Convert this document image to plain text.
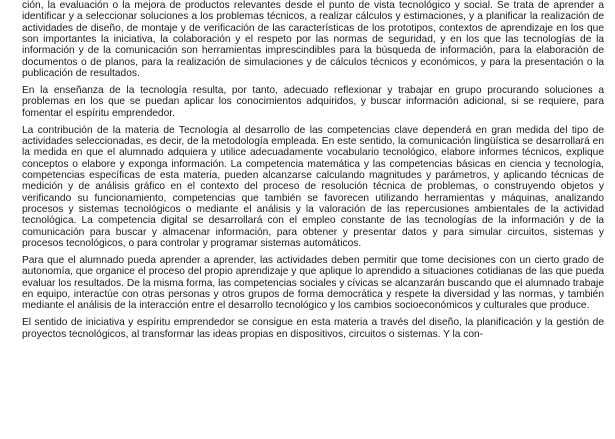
ción, la evaluación o la mejora de productos relevantes desde el punto de vista tecnológico y social. Se trata de aprender a identificar y a seleccionar soluciones a los problemas técnicos, a realizar cálculos y estimaciones, y a planificar la realización de actividades de diseño, de montaje y de verificación de las características de los prototipos, contextos de aprendizaje en los que son importantes la iniciativa, la colaboración y el respeto por las normas de seguridad, y en los que las tecnologías de la información y de la comunicación son herramientas imprescindibles para la búsqueda de información, para la elaboración de documentos o de planos, para la realización de simulaciones y de cálculos técnicos y económicos, y para la presentación o la publicación de resultados.

En la enseñanza de la tecnología resulta, por tanto, adecuado reflexionar y trabajar en grupo procurando soluciones a problemas en los que se puedan aplicar los conocimientos adquiridos, y buscar información adicional, si se requiere, para fomentar el espíritu emprendedor.

La contribución de la materia de Tecnología al desarrollo de las competencias clave dependerá en gran medida del tipo de actividades seleccionadas, es decir, de la metodología empleada. En este sentido, la comunicación lingüística se desarrollará en la medida en que el alumnado adquiera y utilice adecuadamente vocabulario tecnológico, elabore informes técnicos, explique conceptos o elabore y exponga información. La competencia matemática y las competencias básicas en ciencia y tecnología, competencias específicas de esta materia, pueden alcanzarse calculando magnitudes y parámetros, y aplicando técnicas de medición y de análisis gráfico en el contexto del proceso de resolución técnica de problemas, o construyendo objetos y verificando su funcionamiento, competencias que también se favorecen utilizando herramientas y máquinas, analizando procesos y sistemas tecnológicos o mediante el análisis y la valoración de las repercusiones ambientales de la actividad tecnológica. La competencia digital se desarrollará con el empleo constante de las tecnologías de la información y de la comunicación para buscar y almacenar información, para obtener y presentar datos y para simular circuitos, sistemas y procesos tecnológicos, o para controlar y programar sistemas automáticos.

Para que el alumnado pueda aprender a aprender, las actividades deben permitir que tome decisiones con un cierto grado de autonomía, que organice el proceso del propio aprendizaje y que aplique lo aprendido a situaciones cotidianas de las que pueda evaluar los resultados. De la misma forma, las competencias sociales y cívicas se alcanzarán buscando que el alumnado trabaje en equipo, interactúe con otras personas y otros grupos de forma democrática y respete la diversidad y las normas, y también mediante el análisis de la interacción entre el desarrollo tecnológico y los cambios socioeconómicos y culturales que produce.

El sentido de iniciativa y espíritu emprendedor se consigue en esta materia a través del diseño, la planificación y la gestión de proyectos tecnológicos, al transformar las ideas propias en dispositivos, circuitos o sistemas. Y la con-
